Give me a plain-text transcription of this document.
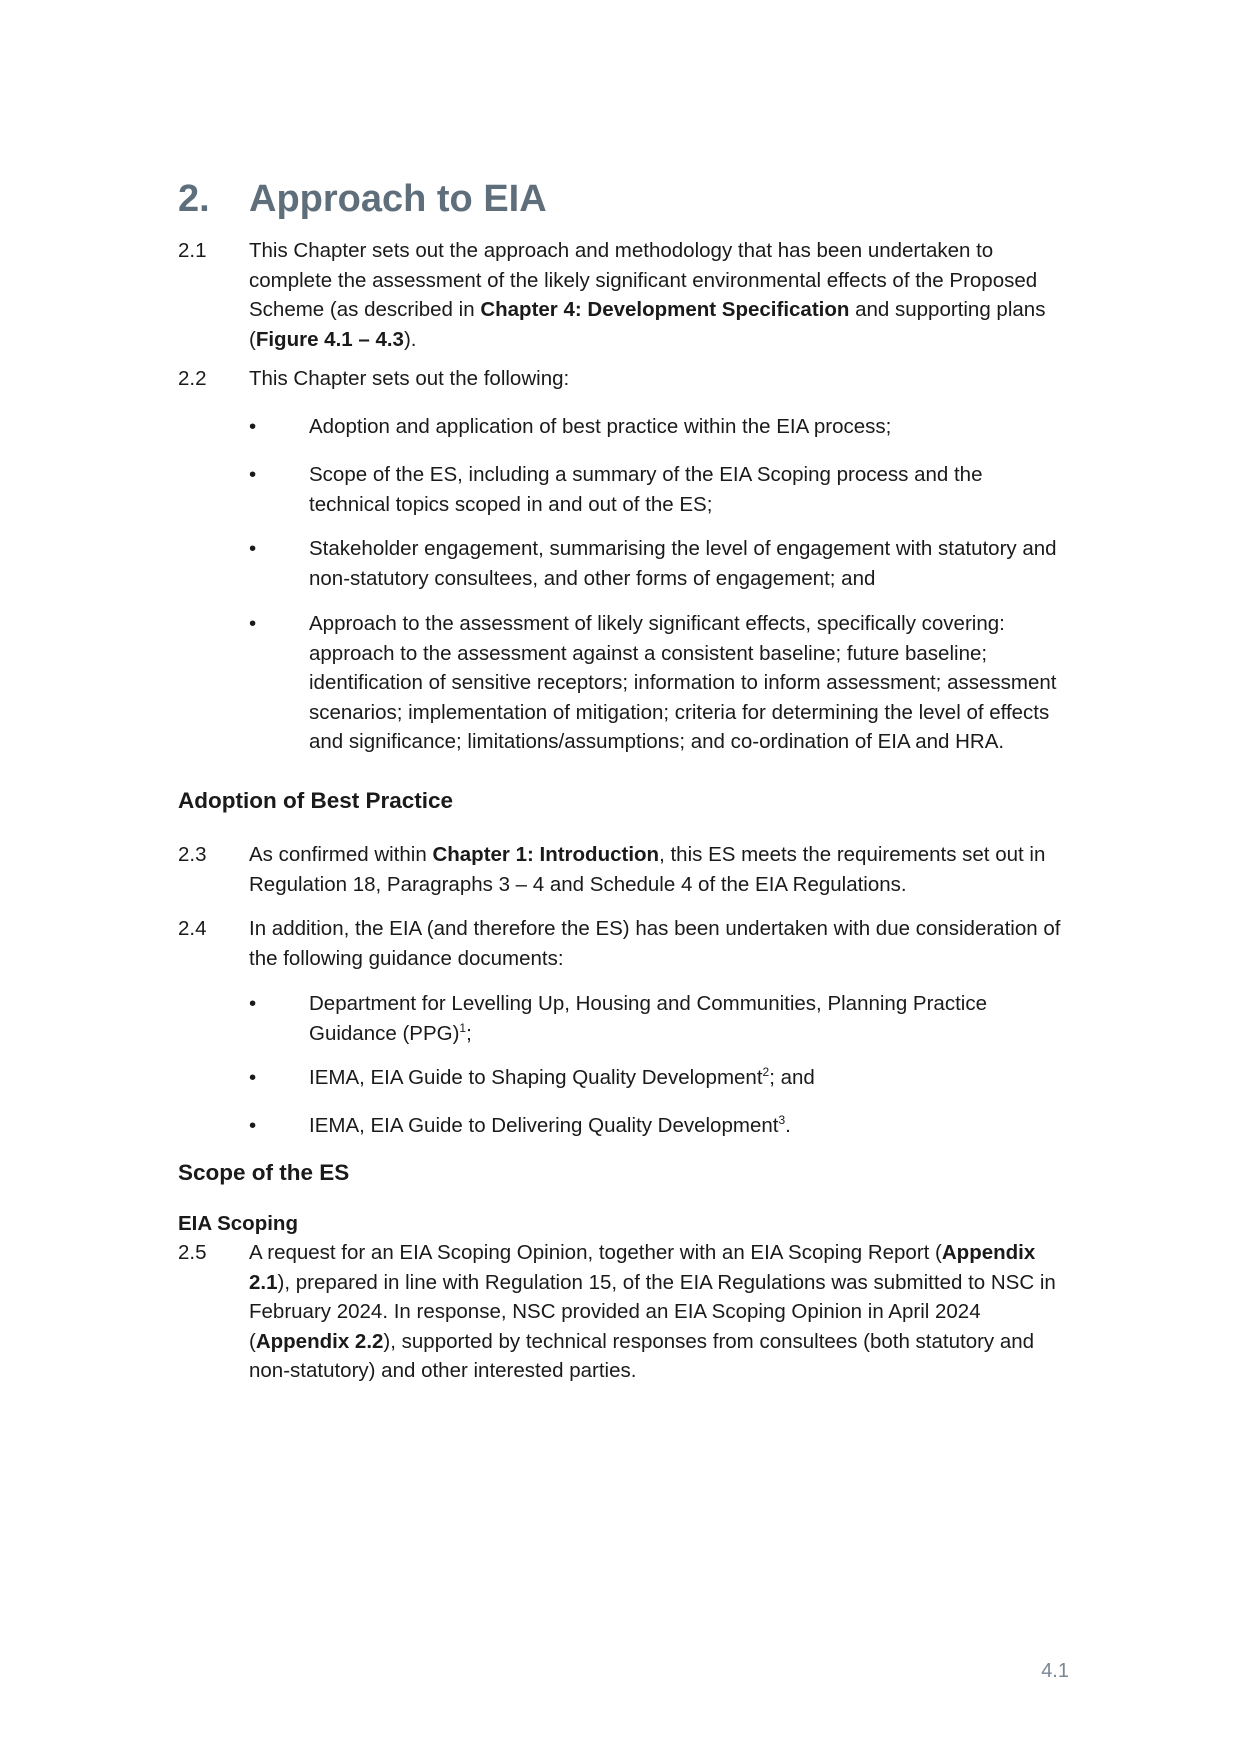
2. Approach to EIA
2.1	This Chapter sets out the approach and methodology that has been undertaken to complete the assessment of the likely significant environmental effects of the Proposed Scheme (as described in Chapter 4: Development Specification and supporting plans (Figure 4.1 – 4.3).
2.2	This Chapter sets out the following:
•	Adoption and application of best practice within the EIA process;
•	Scope of the ES, including a summary of the EIA Scoping process and the technical topics scoped in and out of the ES;
•	Stakeholder engagement, summarising the level of engagement with statutory and non-statutory consultees, and other forms of engagement; and
•	Approach to the assessment of likely significant effects, specifically covering: approach to the assessment against a consistent baseline; future baseline; identification of sensitive receptors; information to inform assessment; assessment scenarios; implementation of mitigation; criteria for determining the level of effects and significance; limitations/assumptions; and co-ordination of EIA and HRA.
Adoption of Best Practice
2.3	As confirmed within Chapter 1: Introduction, this ES meets the requirements set out in Regulation 18, Paragraphs 3 – 4 and Schedule 4 of the EIA Regulations.
2.4	In addition, the EIA (and therefore the ES) has been undertaken with due consideration of the following guidance documents:
•	Department for Levelling Up, Housing and Communities, Planning Practice Guidance (PPG)$^1$;
•	IEMA, EIA Guide to Shaping Quality Development$^2$; and
•	IEMA, EIA Guide to Delivering Quality Development$^3$.
Scope of the ES
EIA Scoping
2.5	A request for an EIA Scoping Opinion, together with an EIA Scoping Report (Appendix 2.1), prepared in line with Regulation 15, of the EIA Regulations was submitted to NSC in February 2024. In response, NSC provided an EIA Scoping Opinion in April 2024 (Appendix 2.2), supported by technical responses from consultees (both statutory and non-statutory) and other interested parties.
4.1
